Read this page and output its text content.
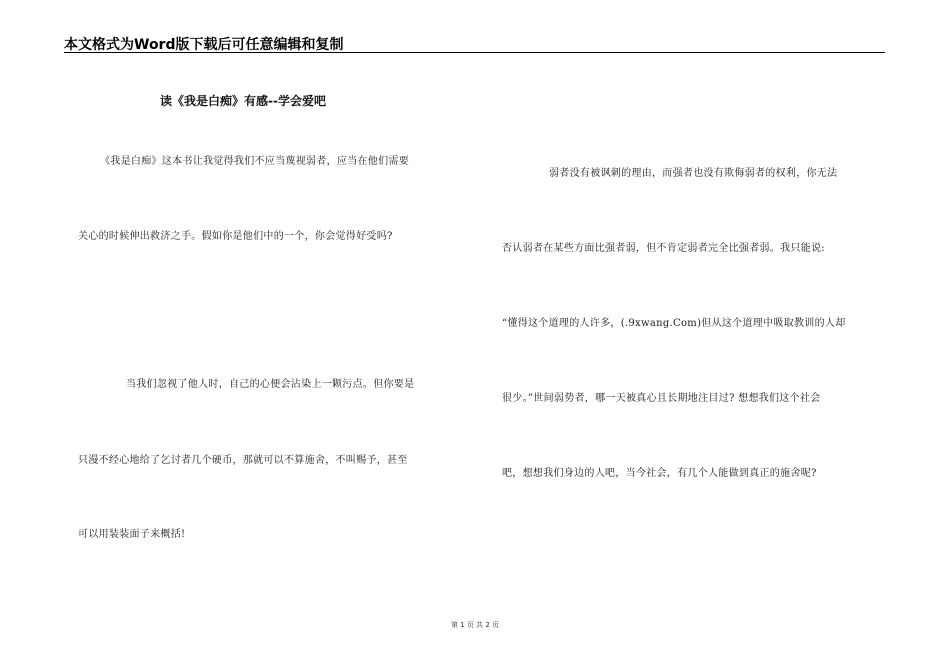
本文格式为Word版下载后可任意编辑和复制
读《我是白痴》有感--学会爱吧
《我是白痴》这本书让我觉得我们不应当蔑视弱者，应当在他们需要
关心的时候伸出救济之手。假如你是他们中的一个，你会觉得好受吗?
当我们忽视了他人时，自己的心便会沾染上一颗污点。但你要是
只漫不经心地给了乞讨者几个硬币，那就可以不算施舍，不叫赐予，甚至
可以用装装面子来概括!
弱者没有被讽刺的理由，而强者也没有欺侮弱者的权利，你无法
否认弱者在某些方面比强者弱，但不肯定弱者完全比强者弱。我只能说:
“懂得这个道理的人许多，(.9xwang.Com)但从这个道理中吸取教训的人却
很少。”世间弱势者，哪一天被真心且长期地注目过? 想想我们这个社会
吧，想想我们身边的人吧，当今社会，有几个人能做到真正的施舍呢?
第 1 页 共 2 页
